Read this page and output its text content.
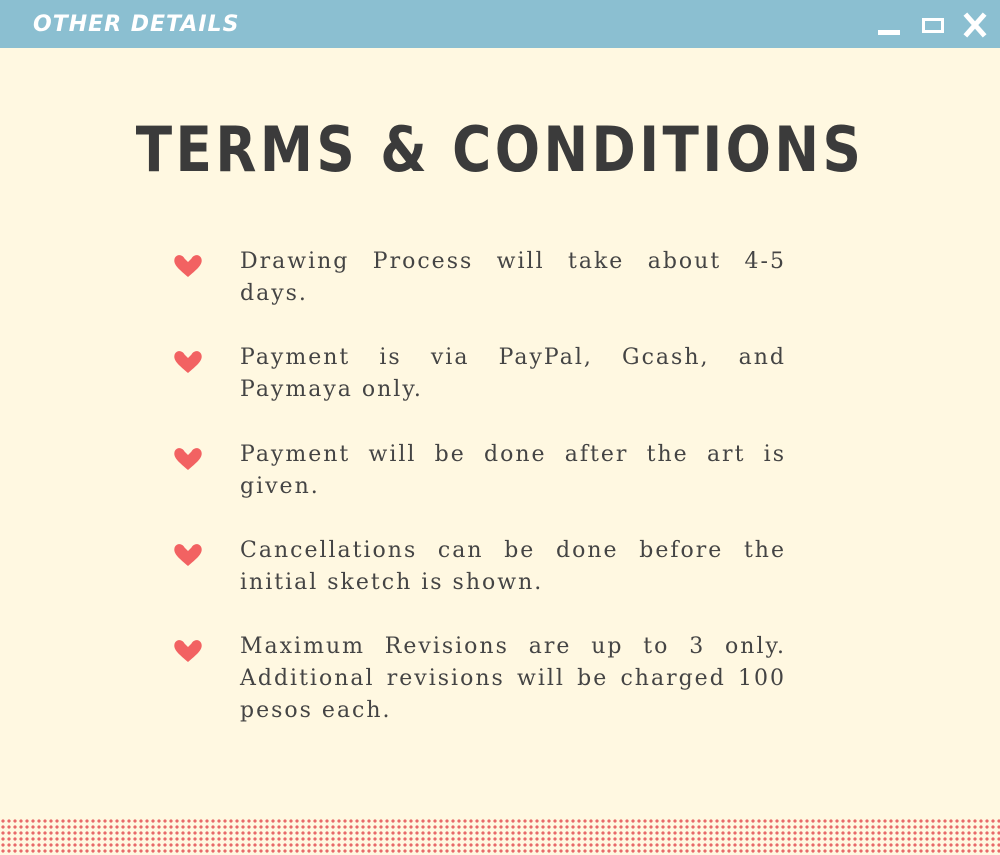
OTHER DETAILS
TERMS & CONDITIONS
Drawing Process will take about 4-5 days.
Payment is via PayPal, Gcash, and Paymaya only.
Payment will be done after the art is given.
Cancellations can be done before the initial sketch is shown.
Maximum Revisions are up to 3 only. Additional revisions will be charged 100 pesos each.
